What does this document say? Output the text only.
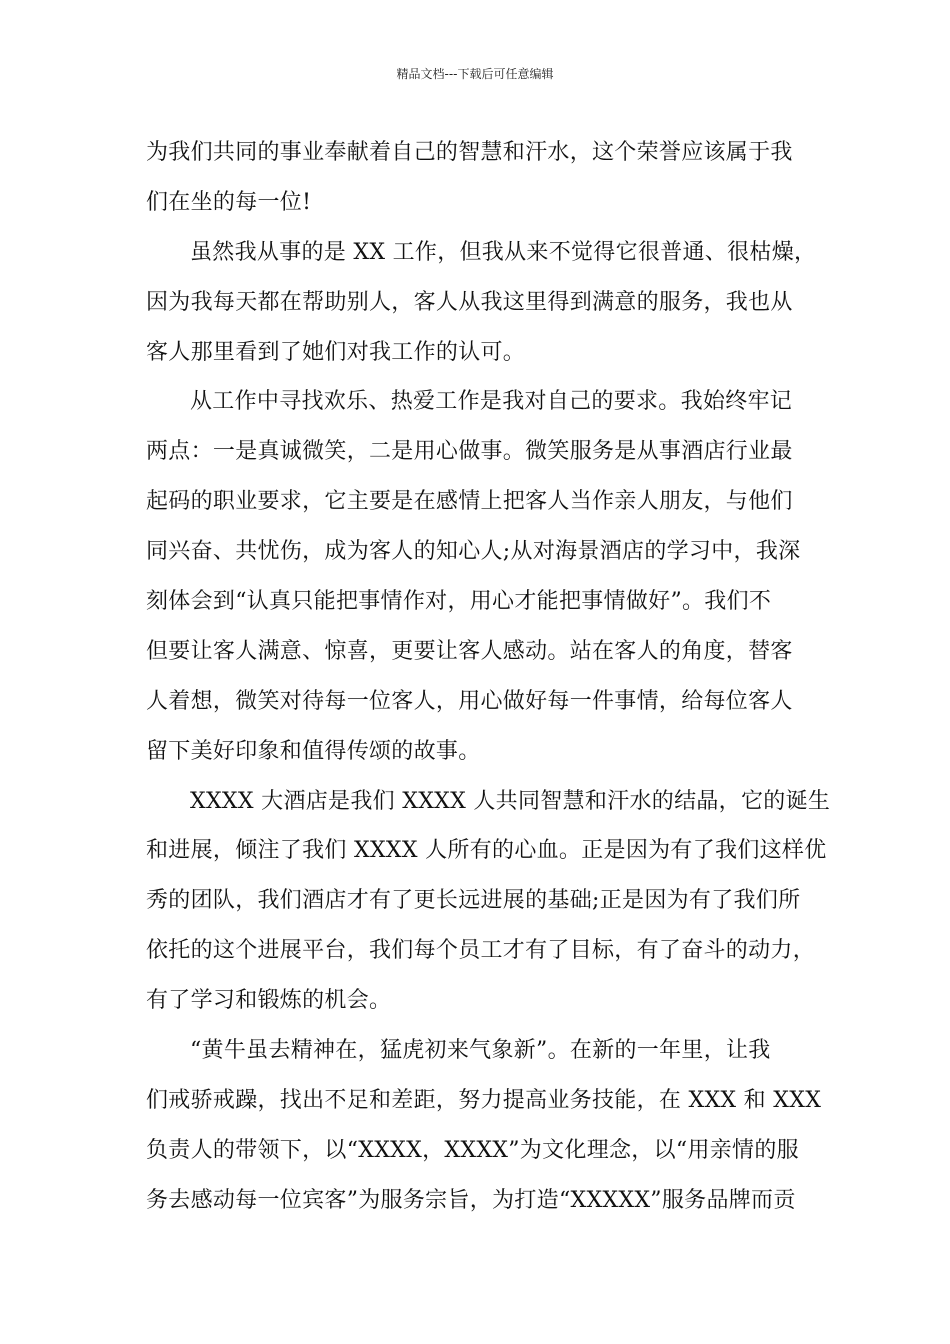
精品文档---下载后可任意编辑
为我们共同的事业奉献着自己的智慧和汗水，这个荣誉应该属于我
们在坐的每一位!
虽然我从事的是 XX 工作，但我从来不觉得它很普通、很枯燥，
因为我每天都在帮助别人，客人从我这里得到满意的服务，我也从
客人那里看到了她们对我工作的认可。
从工作中寻找欢乐、热爱工作是我对自己的要求。我始终牢记
两点：一是真诚微笑，二是用心做事。微笑服务是从事酒店行业最
起码的职业要求，它主要是在感情上把客人当作亲人朋友，与他们
同兴奋、共忧伤，成为客人的知心人;从对海景酒店的学习中，我深
刻体会到“认真只能把事情作对，用心才能把事情做好”。我们不
但要让客人满意、惊喜，更要让客人感动。站在客人的角度，替客
人着想，微笑对待每一位客人，用心做好每一件事情，给每位客人
留下美好印象和值得传颂的故事。
XXXX 大酒店是我们 XXXX 人共同智慧和汗水的结晶，它的诞生
和进展，倾注了我们 XXXX 人所有的心血。正是因为有了我们这样优
秀的团队，我们酒店才有了更长远进展的基础;正是因为有了我们所
依托的这个进展平台，我们每个员工才有了目标，有了奋斗的动力，
有了学习和锻炼的机会。
“黄牛虽去精神在，猛虎初来气象新”。在新的一年里，让我
们戒骄戒躁，找出不足和差距，努力提高业务技能，在 XXX 和 XXX
负责人的带领下，以“XXXX，XXXX”为文化理念，以“用亲情的服
务去感动每一位宾客”为服务宗旨，为打造“XXXXX”服务品牌而贡
